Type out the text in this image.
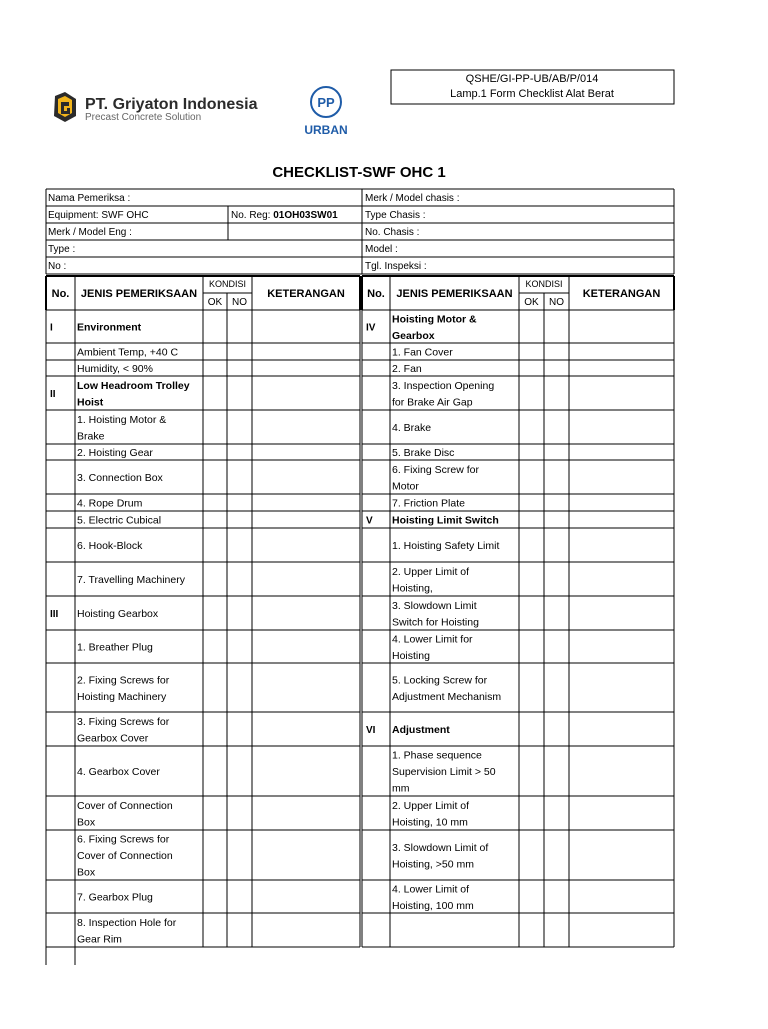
QSHE/GI-PP-UB/AB/P/014
Lamp.1 Form Checklist Alat Berat
PT. Griyaton Indonesia
Precast Concrete Solution
PP
URBAN
CHECKLIST-SWF OHC 1
Nama Pemeriksa :
Equipment: SWF OHC
Merk / Model Eng :
Type :
No :
Merk / Model chasis :
Type Chasis :
No. Chasis :
Model :
Tgl. Inspeksi :
No. Reg: 01OH03SW01
No. JENIS PEMERIKSAAN
KONDISI
OK NO
KETERANGAN No. JENIS PEMERIKSAAN
KONDISI
OK NO
KETERANGAN
I Environment
Ambient Temp, +40 C
Humidity, < 90%
II
Low Headroom Trolley
Hoist
1. Hoisting Motor &
Brake
2. Hoisting Gear
3. Connection Box
4. Rope Drum
5. Electric Cubical
6. Hook-Block
7. Travelling Machinery
III Hoisting Gearbox
1. Breather Plug
2. Fixing Screws for
Hoisting Machinery
3. Fixing Screws for
Gearbox Cover
4. Gearbox Cover
Cover of Connection
Box
6. Fixing Screws for
Cover of Connection
Box
7. Gearbox Plug
8. Inspection Hole for
Gear Rim
IV
Hoisting Motor &
Gearbox
1. Fan Cover
2. Fan
3. Inspection Opening
for Brake Air Gap
4. Brake
5. Brake Disc
6. Fixing Screw for
Motor
7. Friction Plate
V Hoisting Limit Switch
1. Hoisting Safety Limit
2. Upper Limit of
Hoisting,
3. Slowdown Limit
Switch for Hoisting
4. Lower Limit for
Hoisting
5. Locking Screw for
Adjustment Mechanism
VI Adjustment
1. Phase sequence
Supervision Limit > 50
mm
2. Upper Limit of
Hoisting, 10 mm
3. Slowdown Limit of
Hoisting, >50 mm
4. Lower Limit of
Hoisting, 100 mm
